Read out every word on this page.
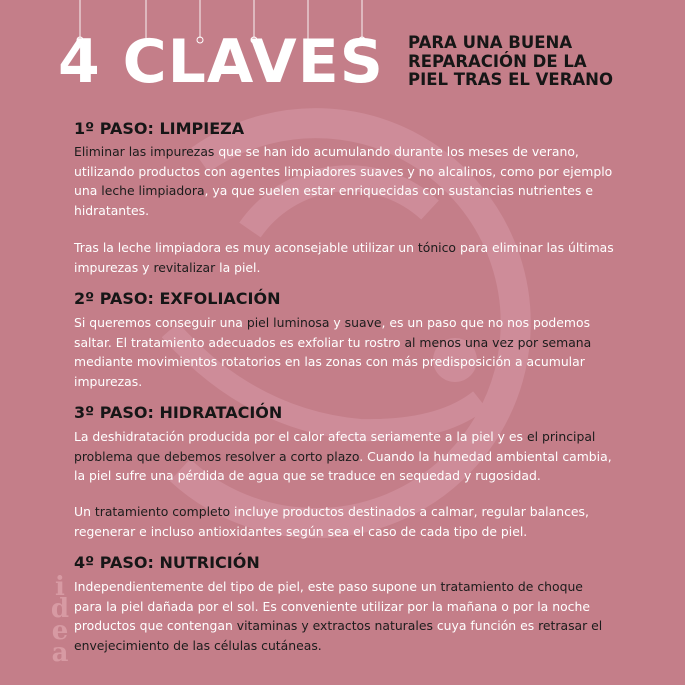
i
d
e
a
4 CLAVES PARA UNA BUENA
REPARACIÓN DE LA
PIEL TRAS EL VERANO
1º PASO: LIMPIEZA
Eliminar las impurezas que se han ido acumulando durante los meses de verano, utilizando productos con agentes limpiadores suaves y no alcalinos, como por ejemplo una leche limpiadora, ya que suelen estar enriquecidas con sustancias nutrientes e hidratantes.
Tras la leche limpiadora es muy aconsejable utilizar un tónico para eliminar las últimas impurezas y revitalizar la piel.
2º PASO: EXFOLIACIÓN
Si queremos conseguir una piel luminosa y suave, es un paso que no nos podemos saltar. El tratamiento adecuados es exfoliar tu rostro al menos una vez por semana mediante movimientos rotatorios en las zonas con más predisposición a acumular impurezas.
3º PASO: HIDRATACIÓN
La deshidratación producida por el calor afecta seriamente a la piel y es el principal problema que debemos resolver a corto plazo. Cuando la humedad ambiental cambia, la piel sufre una pérdida de agua que se traduce en sequedad y rugosidad.
Un tratamiento completo incluye productos destinados a calmar, regular balances, regenerar e incluso antioxidantes según sea el caso de cada tipo de piel.
4º PASO: NUTRICIÓN
Independientemente del tipo de piel, este paso supone un tratamiento de choque para la piel dañada por el sol. Es conveniente utilizar por la mañana o por la noche productos que contengan vitaminas y extractos naturales cuya función es retrasar el envejecimiento de las células cutáneas.
